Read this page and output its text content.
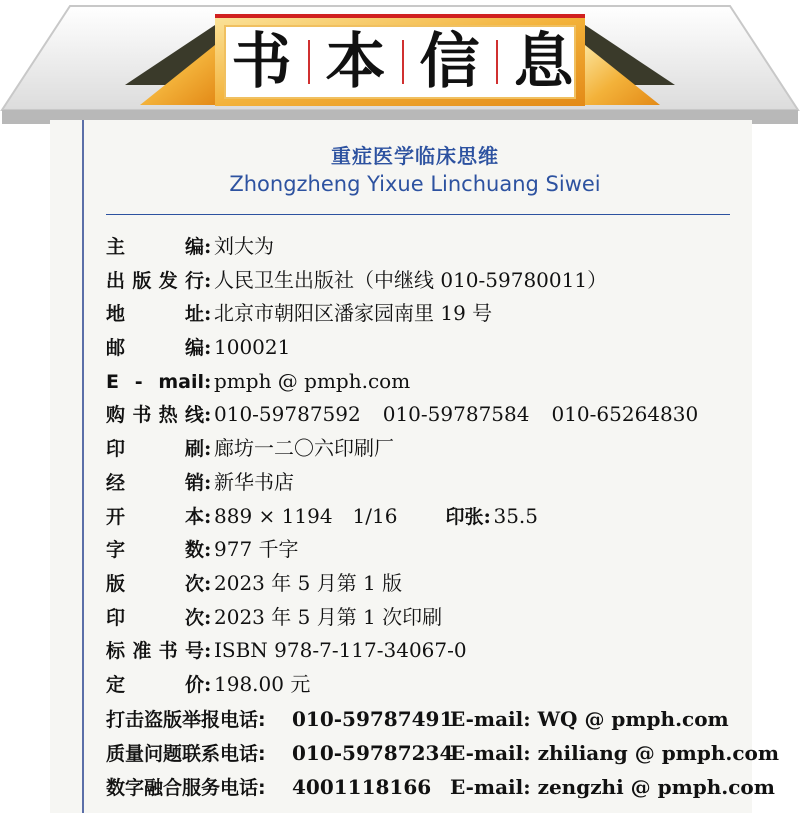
书 本 信 息
重症医学临床思维
Zhongzheng Yixue Linchuang Siwei
主编: 刘大为
出版发行: 人民卫生出版社（中继线 010-59780011）
地址: 北京市朝阳区潘家园南里 19 号
邮编: 100021
E - mail: pmph @ pmph.com
购书热线: 010-59787592 010-59787584 010-65264830
印刷: 廊坊一二〇六印刷厂
经销: 新华书店
开本: 889 × 1194　1/16	印张: 35.5
字数: 977 千字
版次: 2023 年 5 月第 1 版
印次: 2023 年 5 月第 1 次印刷
标准书号: ISBN 978-7-117-34067-0
定价: 198.00 元
打击盗版举报电话: 010-59787491E-mail: WQ @ pmph.com
质量问题联系电话: 010-59787234E-mail: zhiliang @ pmph.com
数字融合服务电话: 4001118166 E-mail: zengzhi @ pmph.com
